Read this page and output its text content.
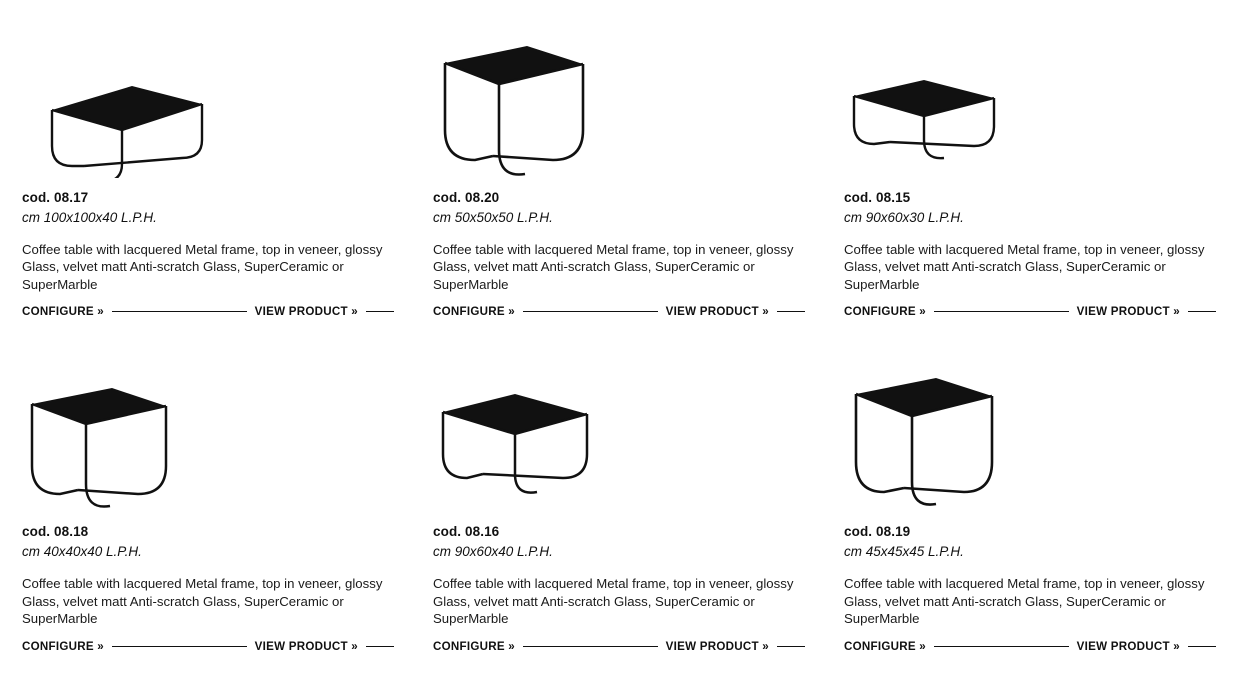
cod. 08.17
cm 100x100x40 L.P.H.
Coffee table with lacquered Metal frame, top in veneer, glossy Glass, velvet matt Anti-scratch Glass, SuperCeramic or SuperMarble
CONFIGURE »	VIEW PRODUCT »
cod. 08.20
cm 50x50x50 L.P.H.
Coffee table with lacquered Metal frame, top in veneer, glossy Glass, velvet matt Anti-scratch Glass, SuperCeramic or SuperMarble
CONFIGURE »	VIEW PRODUCT »
cod. 08.15
cm 90x60x30 L.P.H.
Coffee table with lacquered Metal frame, top in veneer, glossy Glass, velvet matt Anti-scratch Glass, SuperCeramic or SuperMarble
CONFIGURE »	VIEW PRODUCT »
cod. 08.18
cm 40x40x40 L.P.H.
Coffee table with lacquered Metal frame, top in veneer, glossy Glass, velvet matt Anti-scratch Glass, SuperCeramic or SuperMarble
CONFIGURE »	VIEW PRODUCT »
cod. 08.16
cm 90x60x40 L.P.H.
Coffee table with lacquered Metal frame, top in veneer, glossy Glass, velvet matt Anti-scratch Glass, SuperCeramic or SuperMarble
CONFIGURE »	VIEW PRODUCT »
cod. 08.19
cm 45x45x45 L.P.H.
Coffee table with lacquered Metal frame, top in veneer, glossy Glass, velvet matt Anti-scratch Glass, SuperCeramic or SuperMarble
CONFIGURE »	VIEW PRODUCT »
